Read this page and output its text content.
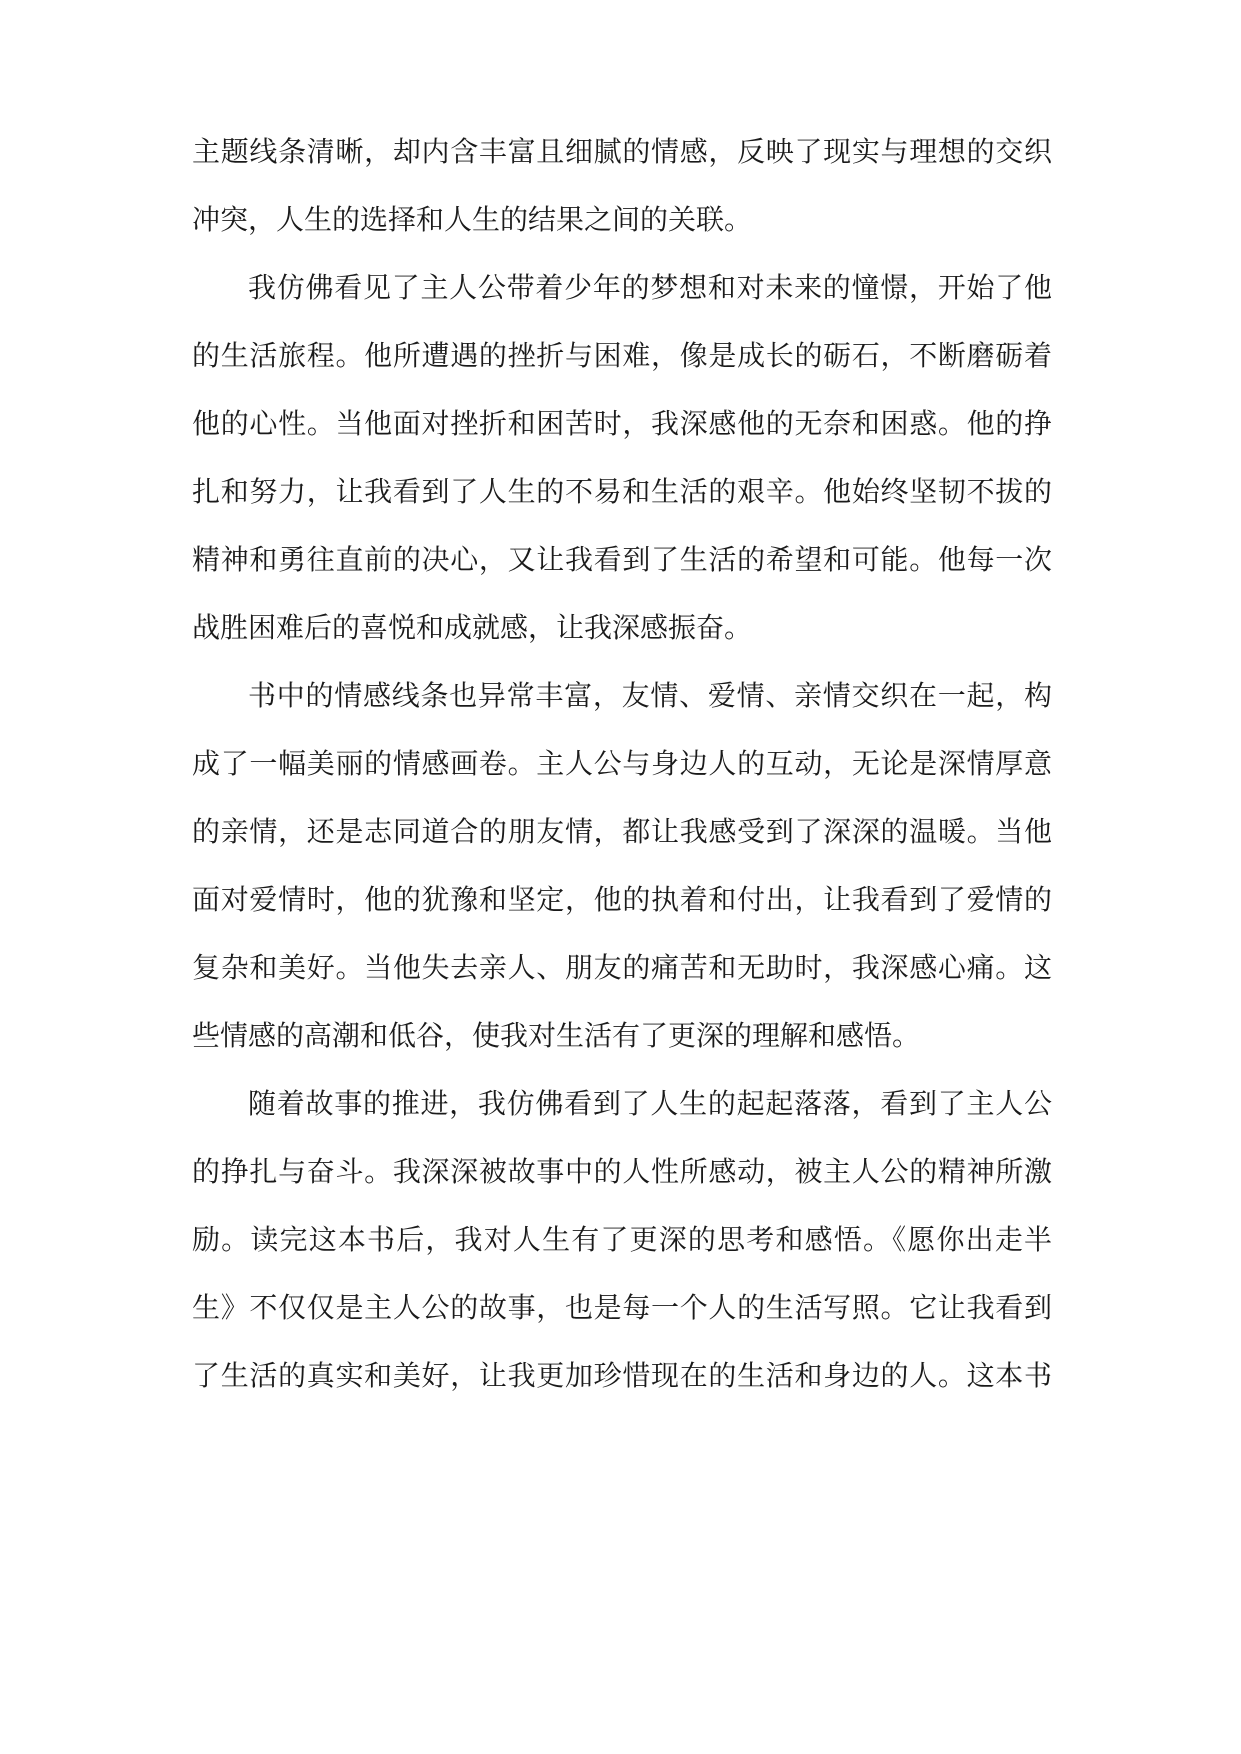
主题线条清晰，却内含丰富且细腻的情感，反映了现实与理想的交织
冲突，人生的选择和人生的结果之间的关联。
我仿佛看见了主人公带着少年的梦想和对未来的憧憬，开始了他
的生活旅程。他所遭遇的挫折与困难，像是成长的砺石，不断磨砺着
他的心性。当他面对挫折和困苦时，我深感他的无奈和困惑。他的挣
扎和努力，让我看到了人生的不易和生活的艰辛。他始终坚韧不拔的
精神和勇往直前的决心，又让我看到了生活的希望和可能。他每一次
战胜困难后的喜悦和成就感，让我深感振奋。
书中的情感线条也异常丰富，友情、爱情、亲情交织在一起，构
成了一幅美丽的情感画卷。主人公与身边人的互动，无论是深情厚意
的亲情，还是志同道合的朋友情，都让我感受到了深深的温暖。当他
面对爱情时，他的犹豫和坚定，他的执着和付出，让我看到了爱情的
复杂和美好。当他失去亲人、朋友的痛苦和无助时，我深感心痛。这
些情感的高潮和低谷，使我对生活有了更深的理解和感悟。
随着故事的推进，我仿佛看到了人生的起起落落，看到了主人公
的挣扎与奋斗。我深深被故事中的人性所感动，被主人公的精神所激
励。读完这本书后，我对人生有了更深的思考和感悟。《愿你出走半
生》不仅仅是主人公的故事，也是每一个人的生活写照。它让我看到
了生活的真实和美好，让我更加珍惜现在的生活和身边的人。这本书
